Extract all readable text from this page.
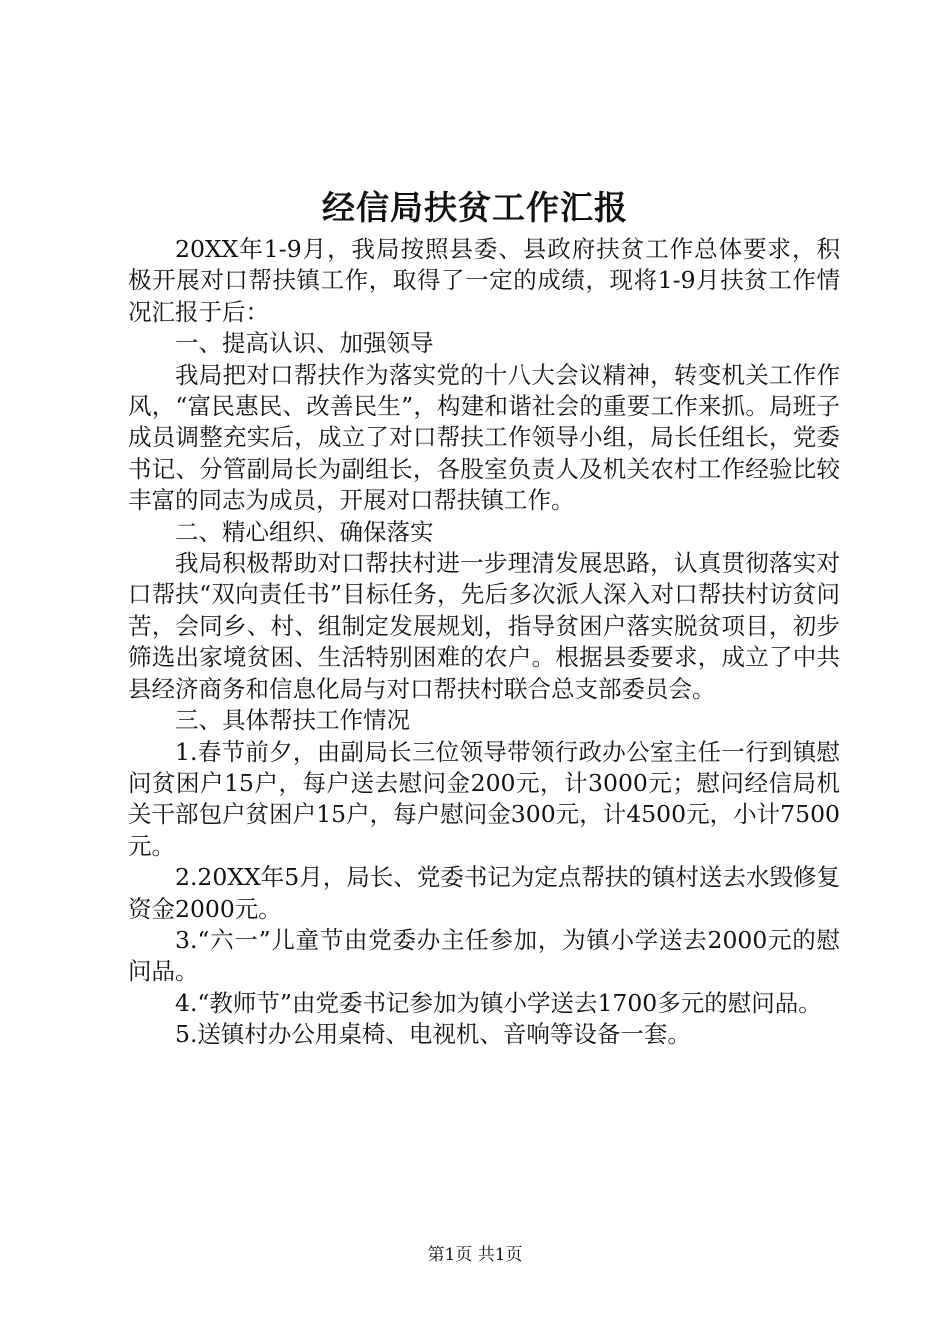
经信局扶贫工作汇报

20XX年1-9月，我局按照县委、县政府扶贫工作总体要求，积极开展对口帮扶镇工作，取得了一定的成绩，现将1-9月扶贫工作情况汇报于后：

一、提高认识、加强领导

我局把对口帮扶作为落实党的十八大会议精神，转变机关工作作风，“富民惠民、改善民生”，构建和谐社会的重要工作来抓。局班子成员调整充实后，成立了对口帮扶工作领导小组，局长任组长，党委书记、分管副局长为副组长，各股室负责人及机关农村工作经验比较丰富的同志为成员，开展对口帮扶镇工作。

二、精心组织、确保落实

我局积极帮助对口帮扶村进一步理清发展思路，认真贯彻落实对口帮扶“双向责任书”目标任务，先后多次派人深入对口帮扶村访贫问苦，会同乡、村、组制定发展规划，指导贫困户落实脱贫项目，初步筛选出家境贫困、生活特别困难的农户。根据县委要求，成立了中共县经济商务和信息化局与对口帮扶村联合总支部委员会。

三、具体帮扶工作情况

1.春节前夕，由副局长三位领导带领行政办公室主任一行到镇慰问贫困户15户，每户送去慰问金200元，计3000元；慰问经信局机关干部包户贫困户15户，每户慰问金300元，计4500元，小计7500元。

2.20XX年5月，局长、党委书记为定点帮扶的镇村送去水毁修复资金2000元。

3.“六一”儿童节由党委办主任参加，为镇小学送去2000元的慰问品。

4.“教师节”由党委书记参加为镇小学送去1700多元的慰问品。

5.送镇村办公用桌椅、电视机、音响等设备一套。

第1页 共1页
